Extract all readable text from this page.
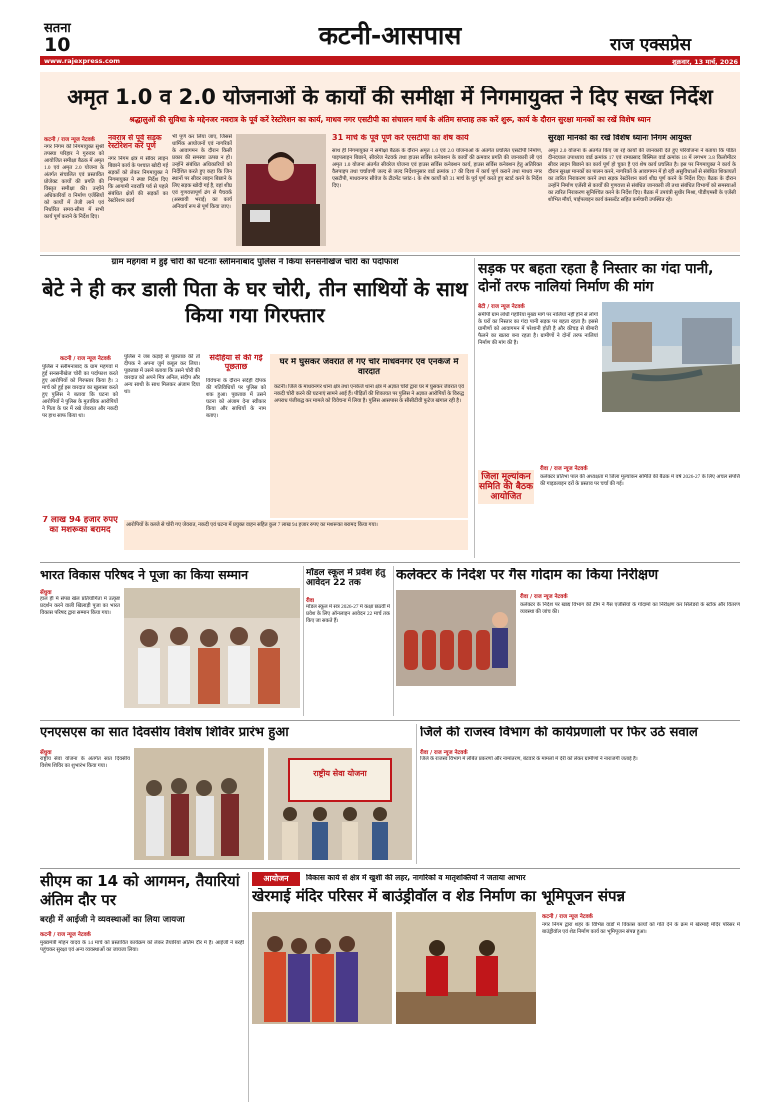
सतना
10	कटनी-आसपास	राज एक्सप्रेस
www.rajexpress.com	शुक्रवार, 13 मार्च, 2026
अमृत 1.0 व 2.0 योजनाओं के कार्यों की समीक्षा में निगमायुक्त ने दिए सख्त निर्देश
श्रद्धालुओं की सुविधा के मद्देनजर नवरात्र के पूर्व करें रेस्टोरेशन का कार्य, माधव नगर एसटीपी का संचालन मार्च के अंतिम सप्ताह तक करें शुरू, कार्य के दौरान सुरक्षा मानकों का रखें विशेष ध्यान
कटनी / राज न्यूज नेटवर्क
नगर निगम की निगमायुक्त सुश्री तपस्या परिहार ने गुरुवार को आयोजित समीक्षा बैठक में अमृत 1.0 एवं अमृत 2.0 योजना के अंतर्गत संचालित एवं प्रस्तावित प्रोजेक्ट कार्यों की प्रगति की विस्तृत समीक्षा की। उन्होंने अधिकारियों व निर्माण एजेंसियों को कार्यों में तेजी लाने एवं निर्धारित समय-सीमा में सभी कार्य पूर्ण कराने के निर्देश दिए।
नवरात्र से पूर्व सड़क रेस्टोरेशन करें पूर्ण
नगर निगम क्षेत्र में सीवर लाइन बिछाने कार्य के पश्चात खोदी गई सड़कों को लेकर निगमायुक्त ने निगमायुक्त ने स्पष्ट निर्देश दिए कि आगामी नवरात्रि पर्व से पहले संबंधित क्षेत्रों की सड़कों का रेस्टोरेशन कार्य
भी पूर्ण कर लिया जाए, जिससे धार्मिक आयोजनों एवं नागरिकों के आवागमन के दौरान किसी प्रकार की समस्या उत्पन्न न हो। उन्होंने संबंधित अधिकारियों को निर्देशित करते हुए कहा कि जिन स्थानों पर सीवर लाइन बिछाने के लिए सड़क खोदी गई है, वहां शीघ्र एवं गुणवत्तापूर्ण ढंग से पैचवर्क (अस्थायी भराई) का कार्य अनिवार्य रूप से पूर्ण किया जाए।
31 मार्च के पूर्व पूर्ण करें एसटीपी का शेष कार्य
साथ ही निगमायुक्त ने समीक्षा बैठक के दौरान अमृत 1.0 एवं 2.0 योजनाओं के अंतर्गत प्रचलित एसटीपी निर्माण, पाइपलाइन बिछाने, सीवरेज नेटवर्क तथा हाउस सर्विस कनेक्शन के कार्यों की क्रमवार प्रगति की जानकारी ली एवं अमृत 1.0 योजना अंतर्गत सीवरेज योजना एवं हाउस सर्विस कनेक्शन कार्य, हाउस सर्विस कनेक्शन हेतु अतिरिक्त वैलपाइप तथा चर्चावणी जल्द से जल्द निर्देशानुसार वार्ड क्रमांक 17 की दिशा में कार्य पूर्ण कराने तथा माधव नगर एसटीपी, माधवनगर सीवेज के टीटमेंट प्लांट-1 के शेष कार्यों को 31 मार्च के पूर्व पूर्ण करते हुए स्टार्ट करने के निर्देश दिए।
सुरक्षा मानकों का रखें विशेष ध्यानः निगम आयुक्त
अमृत 2.0 योजना के अंतर्गत किए जा रहे कार्यों की जानकारी देते हुए परियोजना ने बताया कि पंडित दीनदयाल उपाध्याय वार्ड क्रमांक 17 एवं रामप्रसाद बिस्मिल वार्ड क्रमांक 18 में लगभग 3.8 किलोमीटर सीवर लाइन बिछाने का कार्य पूर्ण हो चुका है एवं शेष कार्य प्रचलित है। इस पर निगमायुक्त ने कार्य के दौरान सुरक्षा मानकों का पालन करने, नागरिकों के आवागमन में हो रही असुविधाओं से संबंधित शिकायतों का त्वरित निराकरण करने तथा सड़क रेस्टोरेशन कार्य शीघ्र पूर्ण करने के निर्देश दिए। बैठक के दौरान उन्होंने निर्माण एजेंसी से कार्यों की गुणवत्ता से संबंधित जानकारी ली तथा संबंधित विभागों को समस्याओं का त्वरित निराकरण सुनिश्चित करने के निर्देश दिए। बैठक में उपयंत्री सुधीर मिश्रा, पीडीएमसी के एजेंसी शोभित मौर्या, पाईपलाइन कार्य कंसल्टेंट सहित कर्मचारी उपस्थित रहे।
ग्राम महगवां में हुई चोरी की घटनाः स्लीमनाबाद पुलिस ने किया सनसनीखेज चोरी का पर्दाफाश
बेटे ने ही कर डाली पिता के घर चोरी, तीन साथियों के साथ किया गया गिरफ्तार
कटनी / राज न्यूज नेटवर्क
पुलिस ने स्लीमनाबाद के ग्राम महगवां में हुई सनसनीखेज चोरी का पर्दाफाश करते हुए आरोपियों को गिरफ्तार किया है। 3 मार्च को हुई इस वारदात का खुलासा करते हुए पुलिस ने बताया कि घटना को आरोपियों ने पुलिस के मुताबिक आरोपियों ने पिता के घर में रखे जेवरात और नकदी पर हाथ साफ किया था।
पुलिस ने जब कड़ाई से पूछताछ की तो दीपक ने अपना जुर्म कबूल कर लिया। पूछताछ में उसने बताया कि उसने चोरी की वारदात को अपने मित्र अनिल, संदीप और अन्य साथी के साथ मिलकर अंजाम दिया था।
संदेहिया से की गई पूछताछ
विवेचना के दौरान संदेही दीपक की गतिविधियों पर पुलिस को शक हुआ। पूछताछ में उसने घटना को अंजाम देना स्वीकार किया और साथियों के नाम बताए।
घर में घुसकर जेवरात ले गए चोर माधवनगर एवं एनकेजे में वारदात
कटनी। जिले के माधवनगर थाना क्षेत्र तथा एनकेजे थाना क्षेत्र में अज्ञात चोरों द्वारा घर में घुसकर जेवरात एवं नकदी चोरी करने की घटनाएं सामने आई हैं। पीड़ितों की शिकायत पर पुलिस ने अज्ञात आरोपियों के विरुद्ध अपराध पंजीबद्ध कर मामले को विवेचना में लिया है। पुलिस आसपास के सीसीटीवी फुटेज खंगाल रही है।
7 लाख 94 हजार रुपए का मशरूका बरामद	आरोपियों के कब्जे से चोरी गए जेवरात, नकदी एवं घटना में प्रयुक्त वाहन सहित कुल 7 लाख 94 हजार रुपए का मशरूका बरामद किया गया।
सड़क पर बहता रहता है निस्तार का गंदा पानी, दोनों तरफ नालियां निर्माण की मांग
बेटी / राज न्यूज नेटवर्क
समीपी ग्राम लोधी गहोरिया मुख्य मार्ग पर नालियां नहीं होने से लोगों के घरों का निस्तार का गंदा पानी सड़क पर बहता रहता है। इससे ग्रामीणों को आवागमन में परेशानी होती है और कीचड़ से बीमारी फैलने का खतरा बना रहता है। ग्रामीणों ने दोनों तरफ नालियां निर्माण की मांग की है।
जिला मूल्यांकन समिति की बैठक आयोजित
रीवा / राज न्यूज नेटवर्क
कलेक्टर प्रतिभा पाल की अध्यक्षता में जिला मूल्यांकन समिति की बैठक में वर्ष 2026-27 के लिए अचल संपत्ति की गाइडलाइन दरों के प्रस्ताव पर चर्चा की गई।
भारत विकास परिषद ने पूजा का किया सम्मान
सेंधुवा
हाल ही में संपन्न खेल प्रतियोगिता में उत्कृष्ट प्रदर्शन करने वाली खिलाड़ी पूजा का भारत विकास परिषद द्वारा सम्मान किया गया।
मॉडल स्कूल में प्रवेश हेतु आवेदन 22 तक
रीवा
मॉडल स्कूल में सत्र 2026-27 में कक्षा छठवीं में प्रवेश के लिए ऑनलाइन आवेदन 22 मार्च तक किए जा सकते हैं।
कलेक्टर के निर्देश पर गैस गोदाम का किया निरीक्षण
रीवा / राज न्यूज नेटवर्क
कलेक्टर के निर्देश पर खाद्य विभाग की टीम ने गैस एजेंसियों के गोदामों का निरीक्षण कर सिलेंडरों के स्टॉक और वितरण व्यवस्था की जांच की।
एनएसएस का सात दिवसीय विशेष शिविर प्रारंभ हुआ
सेंधुवा
राष्ट्रीय सेवा योजना के अंतर्गत सात दिवसीय विशेष शिविर का शुभारंभ किया गया।
राष्ट्रीय सेवा योजना
जिले की राजस्व विभाग की कार्यप्रणाली पर फिर उठे सवाल
रीवा / राज न्यूज नेटवर्क
जिले के राजस्व विभाग में लंबित प्रकरणों और नामांतरण, बंटवारे के मामलों में देरी को लेकर ग्रामीणों ने नाराजगी जताई है।
सीएम का 14 को आगमन, तैयारियां अंतिम दौर पर
बरही में आईजी ने व्यवस्थाओं का लिया जायजा
कटनी / राज न्यूज नेटवर्क
मुख्यमंत्री मोहन यादव के 14 मार्च को प्रस्तावित कार्यक्रम को लेकर तैयारियां अंतिम दौर में हैं। आईजी ने बरही पहुंचकर सुरक्षा एवं अन्य व्यवस्थाओं का जायजा लिया।
आयोजन	विकास कार्य से क्षेत्र में खुशी की लहर, नागरिकों व मातृशक्तियों ने जताया आभार
खेरमाई मंदिर परिसर में बाउंड्रीवॉल व शेड निर्माण का भूमिपूजन संपन्न
कटनी / राज न्यूज नेटवर्क
नगर निगम द्वारा शहर के विभिन्न वार्डों में विकास कार्यों को गति देने के क्रम में खेरमाई मंदिर परिसर में बाउंड्रीवॉल एवं शेड निर्माण कार्य का भूमिपूजन संपन्न हुआ।
